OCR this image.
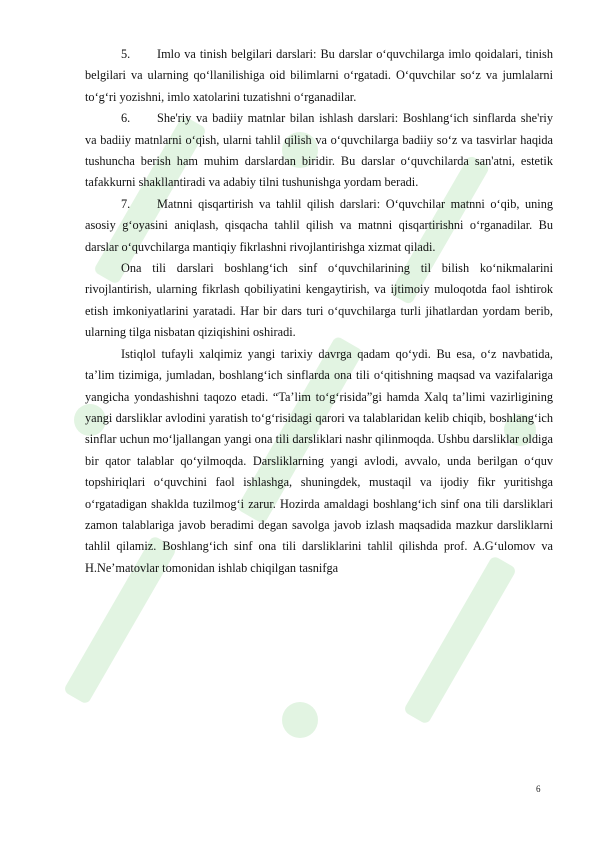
5. Imlo va tinish belgilari darslari: Bu darslar o‘quvchilarga imlo qoidalari, tinish belgilari va ularning qo‘llanilishiga oid bilimlarni o‘rgatadi. O‘quvchilar so‘z va jumlalarni to‘g‘ri yozishni, imlo xatolarini tuzatishni o‘rganadilar.

6. She'riy va badiiy matnlar bilan ishlash darslari: Boshlang‘ich sinflarda she'riy va badiiy matnlarni o‘qish, ularni tahlil qilish va o‘quvchilarga badiiy so‘z va tasvirlar haqida tushuncha berish ham muhim darslardan biridir. Bu darslar o‘quvchilarda san'atni, estetik tafakkurni shakllantiradi va adabiy tilni tushunishga yordam beradi.

7. Matnni qisqartirish va tahlil qilish darslari: O‘quvchilar matnni o‘qib, uning asosiy g‘oyasini aniqlash, qisqacha tahlil qilish va matnni qisqartirishni o‘rganadilar. Bu darslar o‘quvchilarga mantiqiy fikrlashni rivojlantirishga xizmat qiladi.

Ona tili darslari boshlang‘ich sinf o‘quvchilarining til bilish ko‘nikmalarini rivojlantirish, ularning fikrlash qobiliyatini kengaytirish, va ijtimoiy muloqotda faol ishtirok etish imkoniyatlarini yaratadi. Har bir dars turi o‘quvchilarga turli jihatlardan yordam berib, ularning tilga nisbatan qiziqishini oshiradi.

Istiqlol tufayli xalqimiz yangi tarixiy davrga qadam qo‘ydi. Bu esa, o‘z navbatida, ta’lim tizimiga, jumladan, boshlang‘ich sinflarda ona tili o‘qitishning maqsad va vazifalariga yangicha yondashishni taqozo etadi. “Ta’lim to‘g‘risida”gi hamda Xalq ta’limi vazirligining yangi darsliklar avlodini yaratish to‘g‘risidagi qarori va talablaridan kelib chiqib, boshlang‘ich sinflar uchun mo‘ljallangan yangi ona tili darsliklari nashr qilinmoqda. Ushbu darsliklar oldiga bir qator talablar qo‘yilmoqda. Darsliklarning yangi avlodi, avvalo, unda berilgan o‘quv topshiriqlari o‘quvchini faol ishlashga, shuningdek, mustaqil va ijodiy fikr yuritishga o‘rgatadigan shaklda tuzilmog‘i zarur. Hozirda amaldagi boshlang‘ich sinf ona tili darsliklari zamon talablariga javob beradimi degan savolga javob izlash maqsadida mazkur darsliklarni tahlil qilamiz. Boshlang‘ich sinf ona tili darsliklarini tahlil qilishda prof. A.G‘ulomov va H.Ne’matovlar tomonidan ishlab chiqilgan tasnifga

6
